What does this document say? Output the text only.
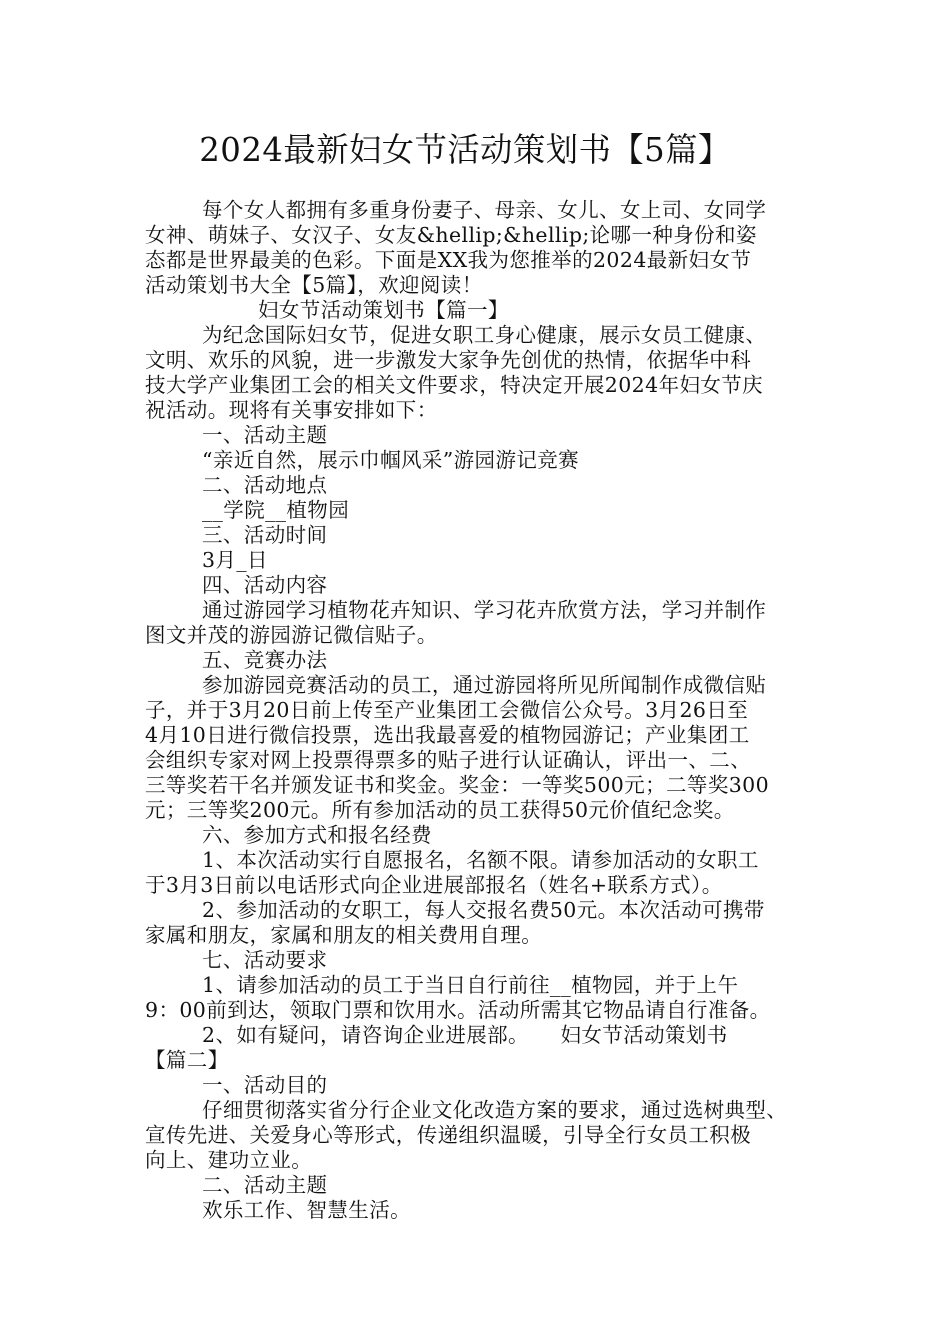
2024最新妇女节活动策划书【5篇】
每个女人都拥有多重身份妻子、母亲、女儿、女上司、女同学
女神、萌妹子、女汉子、女友&hellip;&hellip;论哪一种身份和姿
态都是世界最美的色彩。下面是XX我为您推举的2024最新妇女节
活动策划书大全【5篇】，欢迎阅读！
妇女节活动策划书【篇一】
为纪念国际妇女节，促进女职工身心健康，展示女员工健康、
文明、欢乐的风貌，进一步激发大家争先创优的热情，依据华中科
技大学产业集团工会的相关文件要求，特决定开展2024年妇女节庆
祝活动。现将有关事安排如下：
一、活动主题
“亲近自然，展示巾帼风采”游园游记竞赛
二、活动地点
__学院__植物园
三、活动时间
3月_日
四、活动内容
通过游园学习植物花卉知识、学习花卉欣赏方法，学习并制作
图文并茂的游园游记微信贴子。
五、竞赛办法
参加游园竞赛活动的员工，通过游园将所见所闻制作成微信贴
子，并于3月20日前上传至产业集团工会微信公众号。3月26日至
4月10日进行微信投票，选出我最喜爱的植物园游记；产业集团工
会组织专家对网上投票得票多的贴子进行认证确认，评出一、二、
三等奖若干名并颁发证书和奖金。奖金：一等奖500元；二等奖300
元；三等奖200元。所有参加活动的员工获得50元价值纪念奖。
六、参加方式和报名经费
1、本次活动实行自愿报名，名额不限。请参加活动的女职工
于3月3日前以电话形式向企业进展部报名（姓名+联系方式）。
2、参加活动的女职工，每人交报名费50元。本次活动可携带
家属和朋友，家属和朋友的相关费用自理。
七、活动要求
1、请参加活动的员工于当日自行前往__植物园，并于上午
9：00前到达，领取门票和饮用水。活动所需其它物品请自行准备。
2、如有疑问，请咨询企业进展部。　　妇女节活动策划书
【篇二】
一、活动目的
仔细贯彻落实省分行企业文化改造方案的要求，通过选树典型、
宣传先进、关爱身心等形式，传递组织温暖，引导全行女员工积极
向上、建功立业。
二、活动主题
欢乐工作、智慧生活。
